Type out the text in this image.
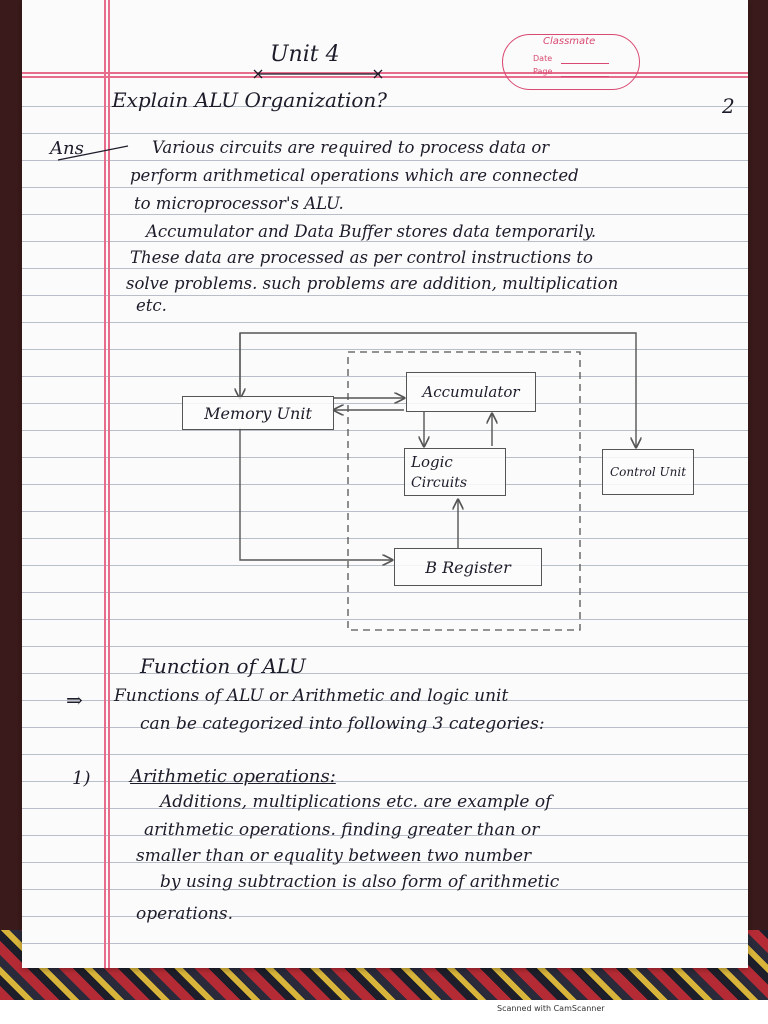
Unit 4
Classmate
Date
Page
2
Explain ALU Organization?
Ans	Various circuits are required to process data or
perform arithmetical operations which are connected
to microprocessor's ALU.
Accumulator and Data Buffer stores data temporarily.
These data are processed as per control instructions to
solve problems. such problems are addition, multiplication
etc.
Memory Unit
Accumulator
Logic
Circuits
Control Unit
B Register
Function of ALU
⇒ Functions of ALU or Arithmetic and logic unit
can be categorized into following 3 categories:
1) Arithmetic operations:
Additions, multiplications etc. are example of
arithmetic operations. finding greater than or
smaller than or equality between two number
by using subtraction is also form of arithmetic
operations.
Scanned with CamScanner
